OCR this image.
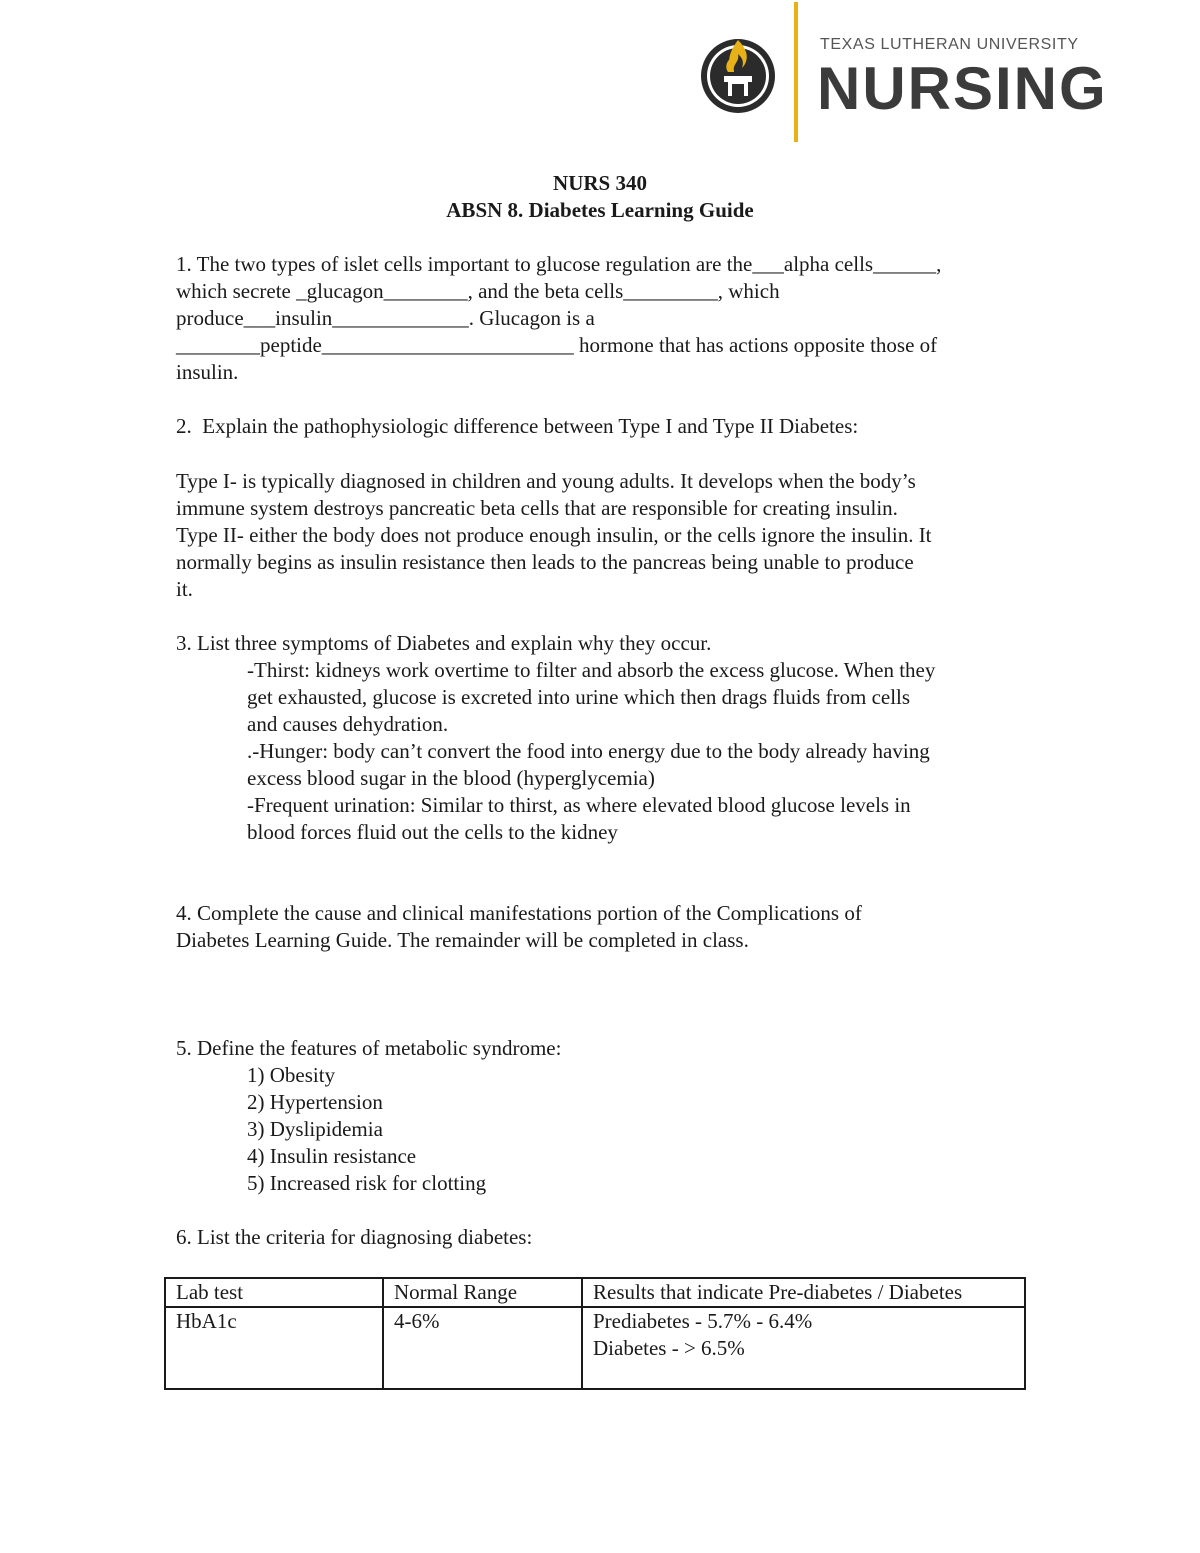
TEXAS LUTHERAN UNIVERSITY
NURSING
NURS 340
ABSN 8. Diabetes Learning Guide
1. The two types of islet cells important to glucose regulation are the___alpha cells______,
which secrete _glucagon________, and the beta cells_________, which
produce___insulin_____________. Glucagon is a
________peptide________________________ hormone that has actions opposite those of
insulin.
2.  Explain the pathophysiologic difference between Type I and Type II Diabetes:
Type I- is typically diagnosed in children and young adults. It develops when the body’s
immune system destroys pancreatic beta cells that are responsible for creating insulin.
Type II- either the body does not produce enough insulin, or the cells ignore the insulin. It
normally begins as insulin resistance then leads to the pancreas being unable to produce
it.
3. List three symptoms of Diabetes and explain why they occur.
-Thirst: kidneys work overtime to filter and absorb the excess glucose. When they
get exhausted, glucose is excreted into urine which then drags fluids from cells
and causes dehydration.
.-Hunger: body can’t convert the food into energy due to the body already having
excess blood sugar in the blood (hyperglycemia)
-Frequent urination: Similar to thirst, as where elevated blood glucose levels in
blood forces fluid out the cells to the kidney
4. Complete the cause and clinical manifestations portion of the Complications of
Diabetes Learning Guide. The remainder will be completed in class.
5. Define the features of metabolic syndrome:
1) Obesity
2) Hypertension
3) Dyslipidemia
4) Insulin resistance
5) Increased risk for clotting
6. List the criteria for diagnosing diabetes:
Lab test	Normal Range	Results that indicate Pre-diabetes / Diabetes
HbA1c	4-6%	Prediabetes - 5.7% - 6.4%
Diabetes - > 6.5%
